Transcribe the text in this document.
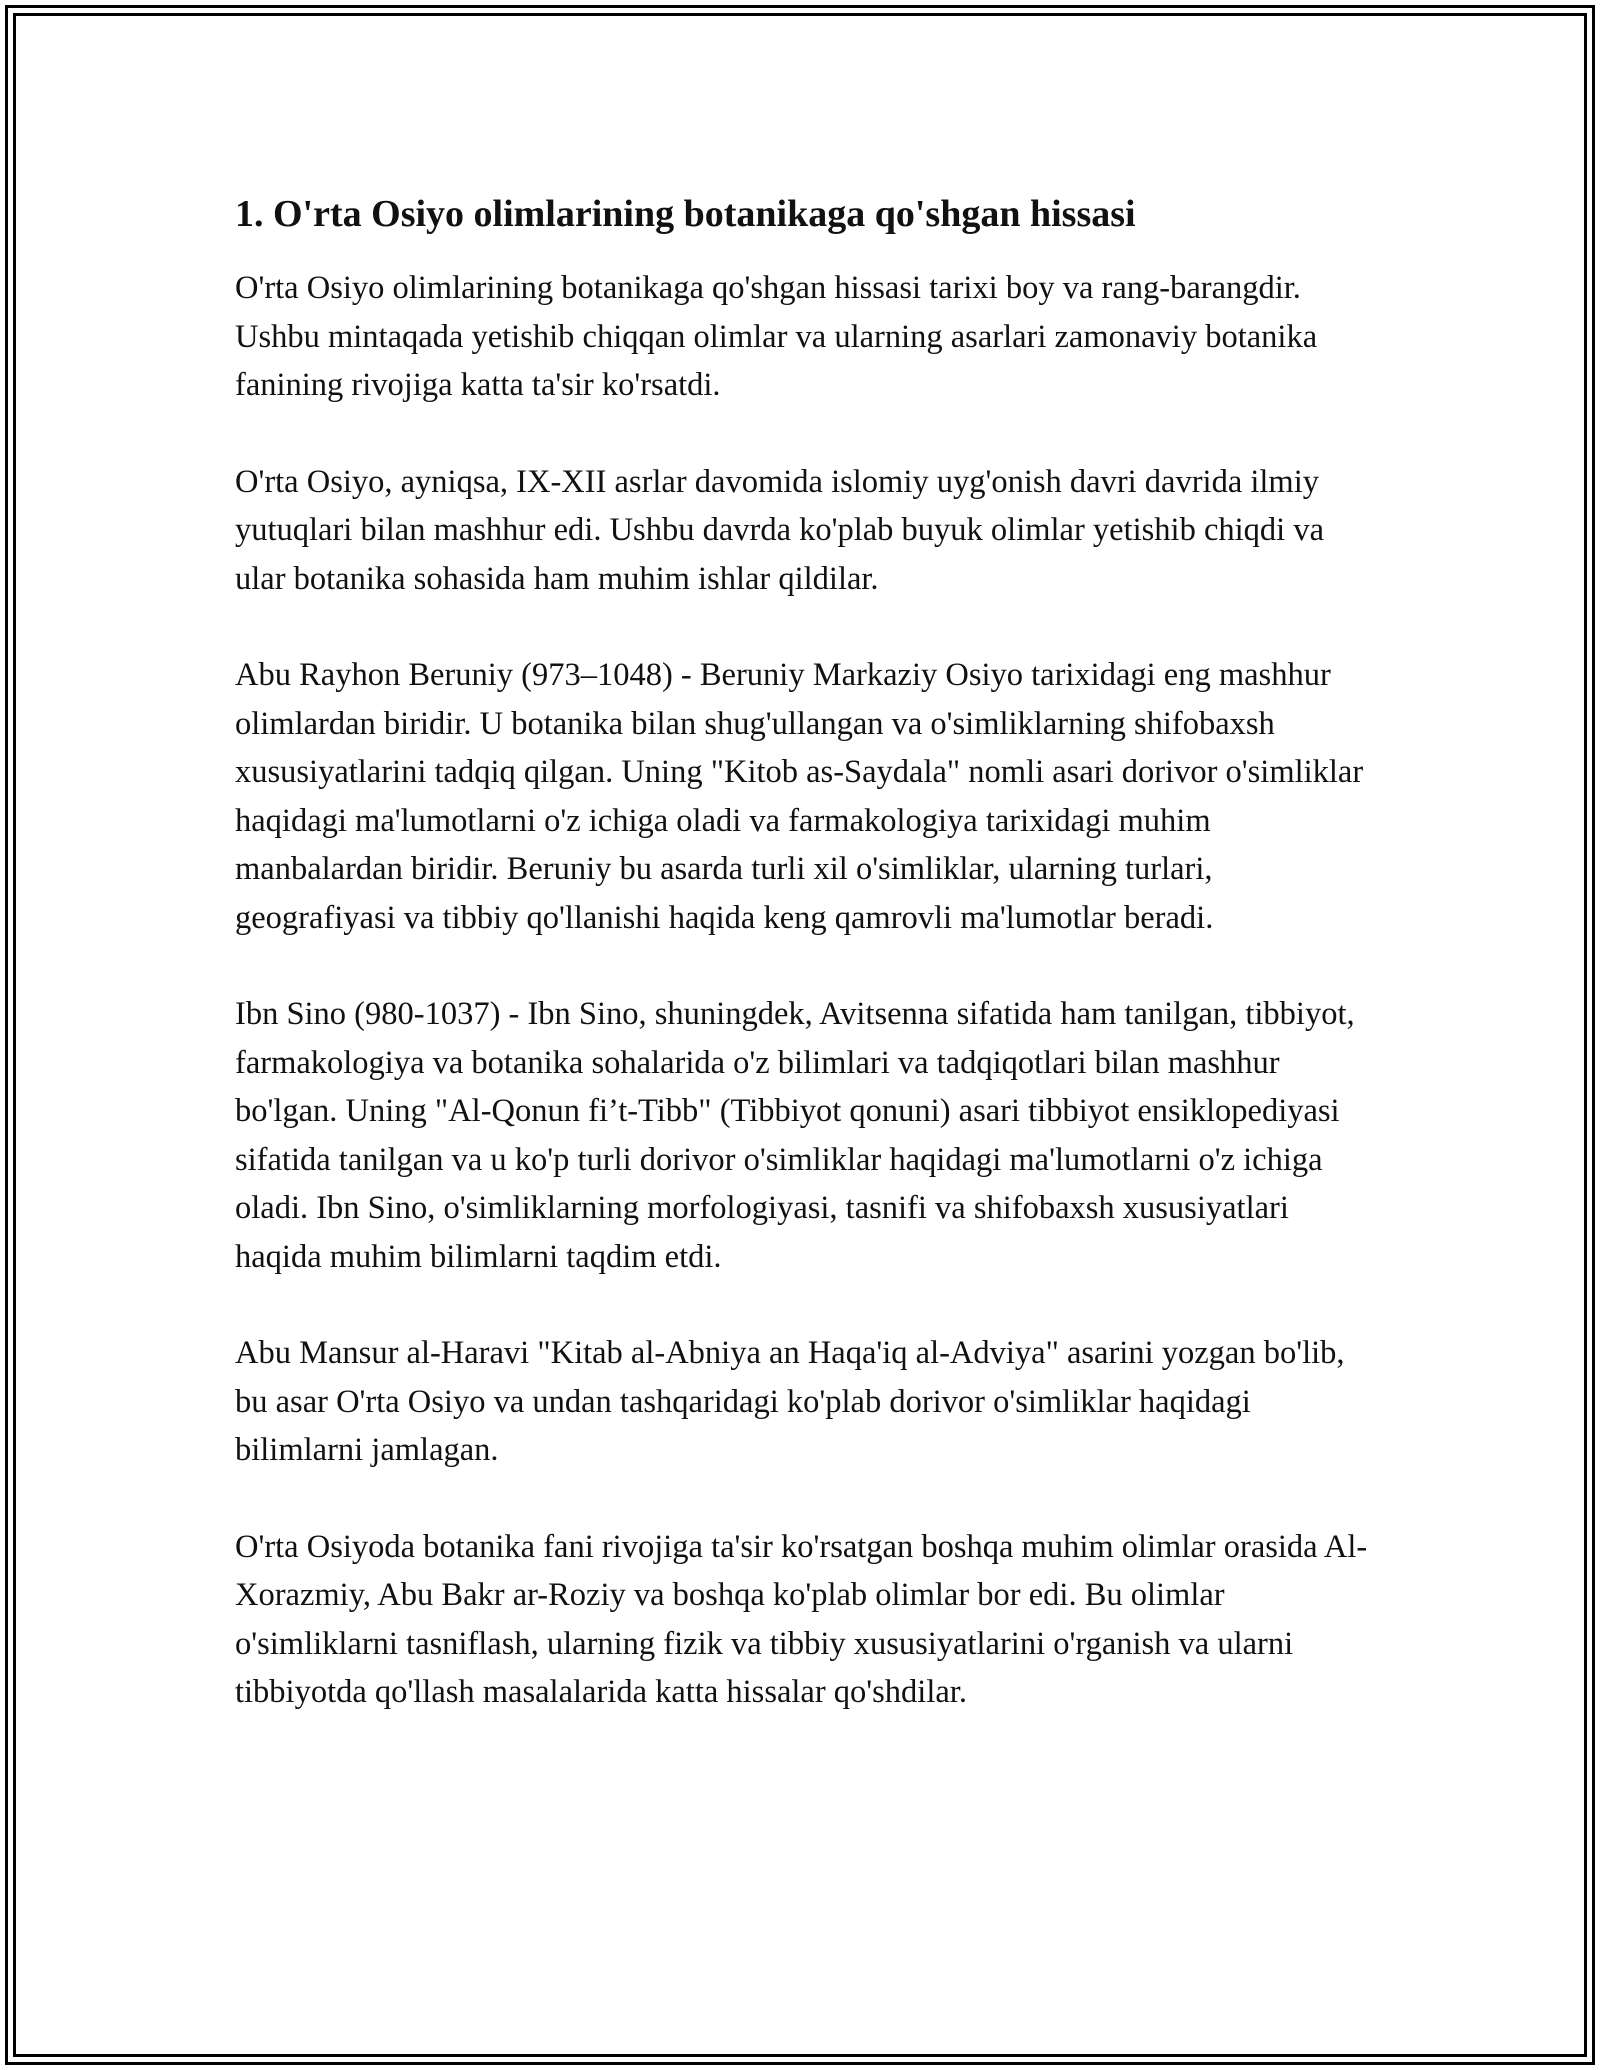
1. O'rta Osiyo olimlarining botanikaga qo'shgan hissasi

O'rta Osiyo olimlarining botanikaga qo'shgan hissasi tarixi boy va rang-barangdir. Ushbu mintaqada yetishib chiqqan olimlar va ularning asarlari zamonaviy botanika fanining rivojiga katta ta'sir ko'rsatdi.

O'rta Osiyo, ayniqsa, IX-XII asrlar davomida islomiy uyg'onish davri davrida ilmiy yutuqlari bilan mashhur edi. Ushbu davrda ko'plab buyuk olimlar yetishib chiqdi va ular botanika sohasida ham muhim ishlar qildilar.

Abu Rayhon Beruniy (973–1048) - Beruniy Markaziy Osiyo tarixidagi eng mashhur olimlardan biridir. U botanika bilan shug'ullangan va o'simliklarning shifobaxsh xususiyatlarini tadqiq qilgan. Uning "Kitob as-Saydala" nomli asari dorivor o'simliklar haqidagi ma'lumotlarni o'z ichiga oladi va farmakologiya tarixidagi muhim manbalardan biridir. Beruniy bu asarda turli xil o'simliklar, ularning turlari, geografiyasi va tibbiy qo'llanishi haqida keng qamrovli ma'lumotlar beradi.

Ibn Sino (980-1037) - Ibn Sino, shuningdek, Avitsenna sifatida ham tanilgan, tibbiyot, farmakologiya va botanika sohalarida o'z bilimlari va tadqiqotlari bilan mashhur bo'lgan. Uning "Al-Qonun fi’t-Tibb" (Tibbiyot qonuni) asari tibbiyot ensiklopediyasi sifatida tanilgan va u ko'p turli dorivor o'simliklar haqidagi ma'lumotlarni o'z ichiga oladi. Ibn Sino, o'simliklarning morfologiyasi, tasnifi va shifobaxsh xususiyatlari haqida muhim bilimlarni taqdim etdi.

Abu Mansur al-Haravi "Kitab al-Abniya an Haqa'iq al-Adviya" asarini yozgan bo'lib, bu asar O'rta Osiyo va undan tashqaridagi ko'plab dorivor o'simliklar haqidagi bilimlarni jamlagan.

O'rta Osiyoda botanika fani rivojiga ta'sir ko'rsatgan boshqa muhim olimlar orasida Al-Xorazmiy, Abu Bakr ar-Roziy va boshqa ko'plab olimlar bor edi. Bu olimlar o'simliklarni tasniflash, ularning fizik va tibbiy xususiyatlarini o'rganish va ularni tibbiyotda qo'llash masalalarida katta hissalar qo'shdilar.
